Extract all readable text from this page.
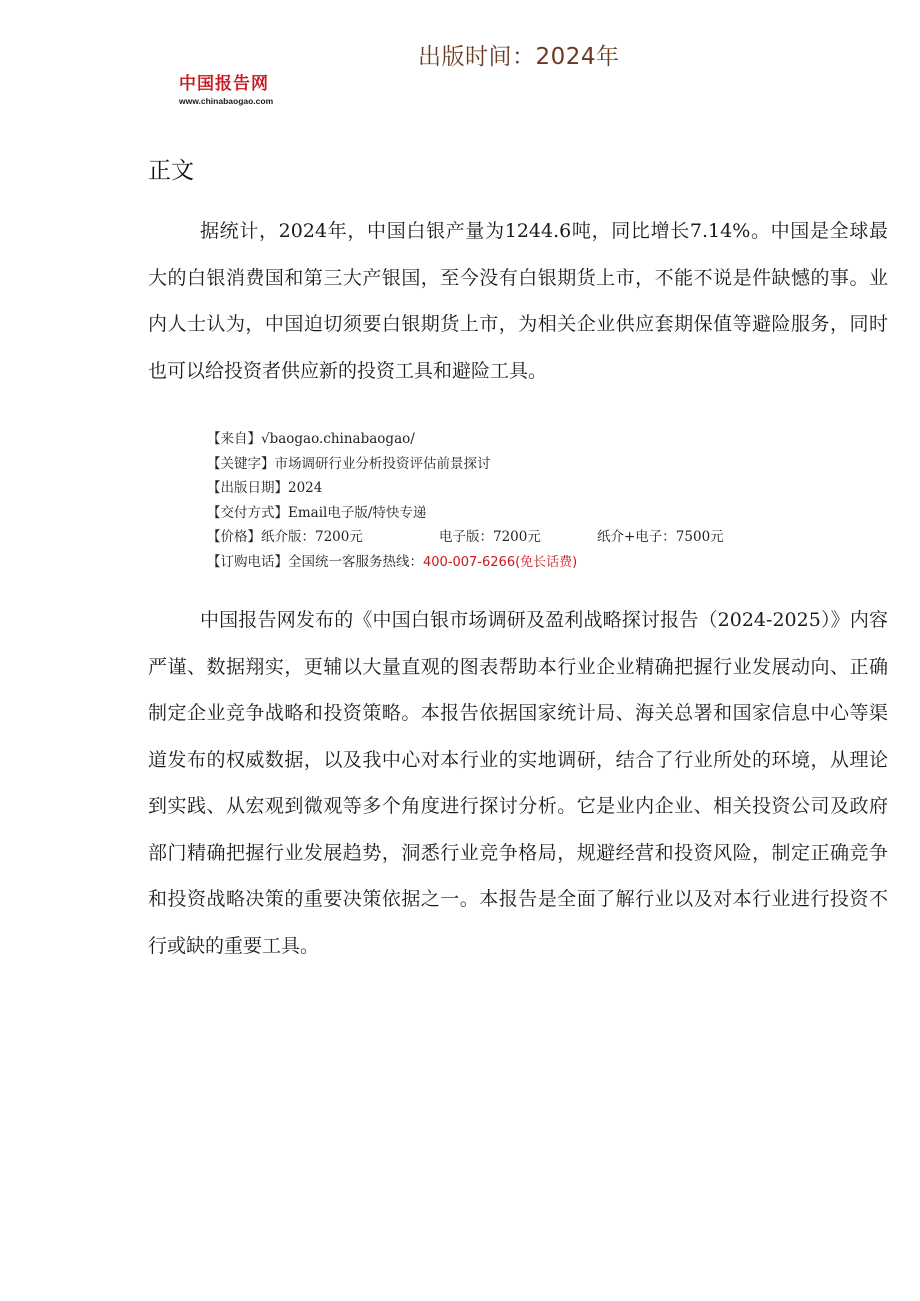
出版时间：2024年
中国报告网
www.chinabaogao.com
正文

据统计，2024年，中国白银产量为1244.6吨，同比增长7.14%。中国是全球最大的白银消费国和第三大产银国，至今没有白银期货上市，不能不说是件缺憾的事。业内人士认为，中国迫切须要白银期货上市，为相关企业供应套期保值等避险服务，同时也可以给投资者供应新的投资工具和避险工具。

【来自】√baogao.chinabaogao/
【关键字】市场调研行业分析投资评估前景探讨
【出版日期】2024
【交付方式】Email电子版/特快专递
【价格】纸介版：7200元	电子版：7200元	纸介+电子：7500元
【订购电话】全国统一客服务热线：400-007-6266(免长话费)

中国报告网发布的《中国白银市场调研及盈利战略探讨报告（2024-2025）》内容严谨、数据翔实，更辅以大量直观的图表帮助本行业企业精确把握行业发展动向、正确制定企业竞争战略和投资策略。本报告依据国家统计局、海关总署和国家信息中心等渠道发布的权威数据，以及我中心对本行业的实地调研，结合了行业所处的环境，从理论到实践、从宏观到微观等多个角度进行探讨分析。它是业内企业、相关投资公司及政府部门精确把握行业发展趋势，洞悉行业竞争格局，规避经营和投资风险，制定正确竞争和投资战略决策的重要决策依据之一。本报告是全面了解行业以及对本行业进行投资不行或缺的重要工具。
